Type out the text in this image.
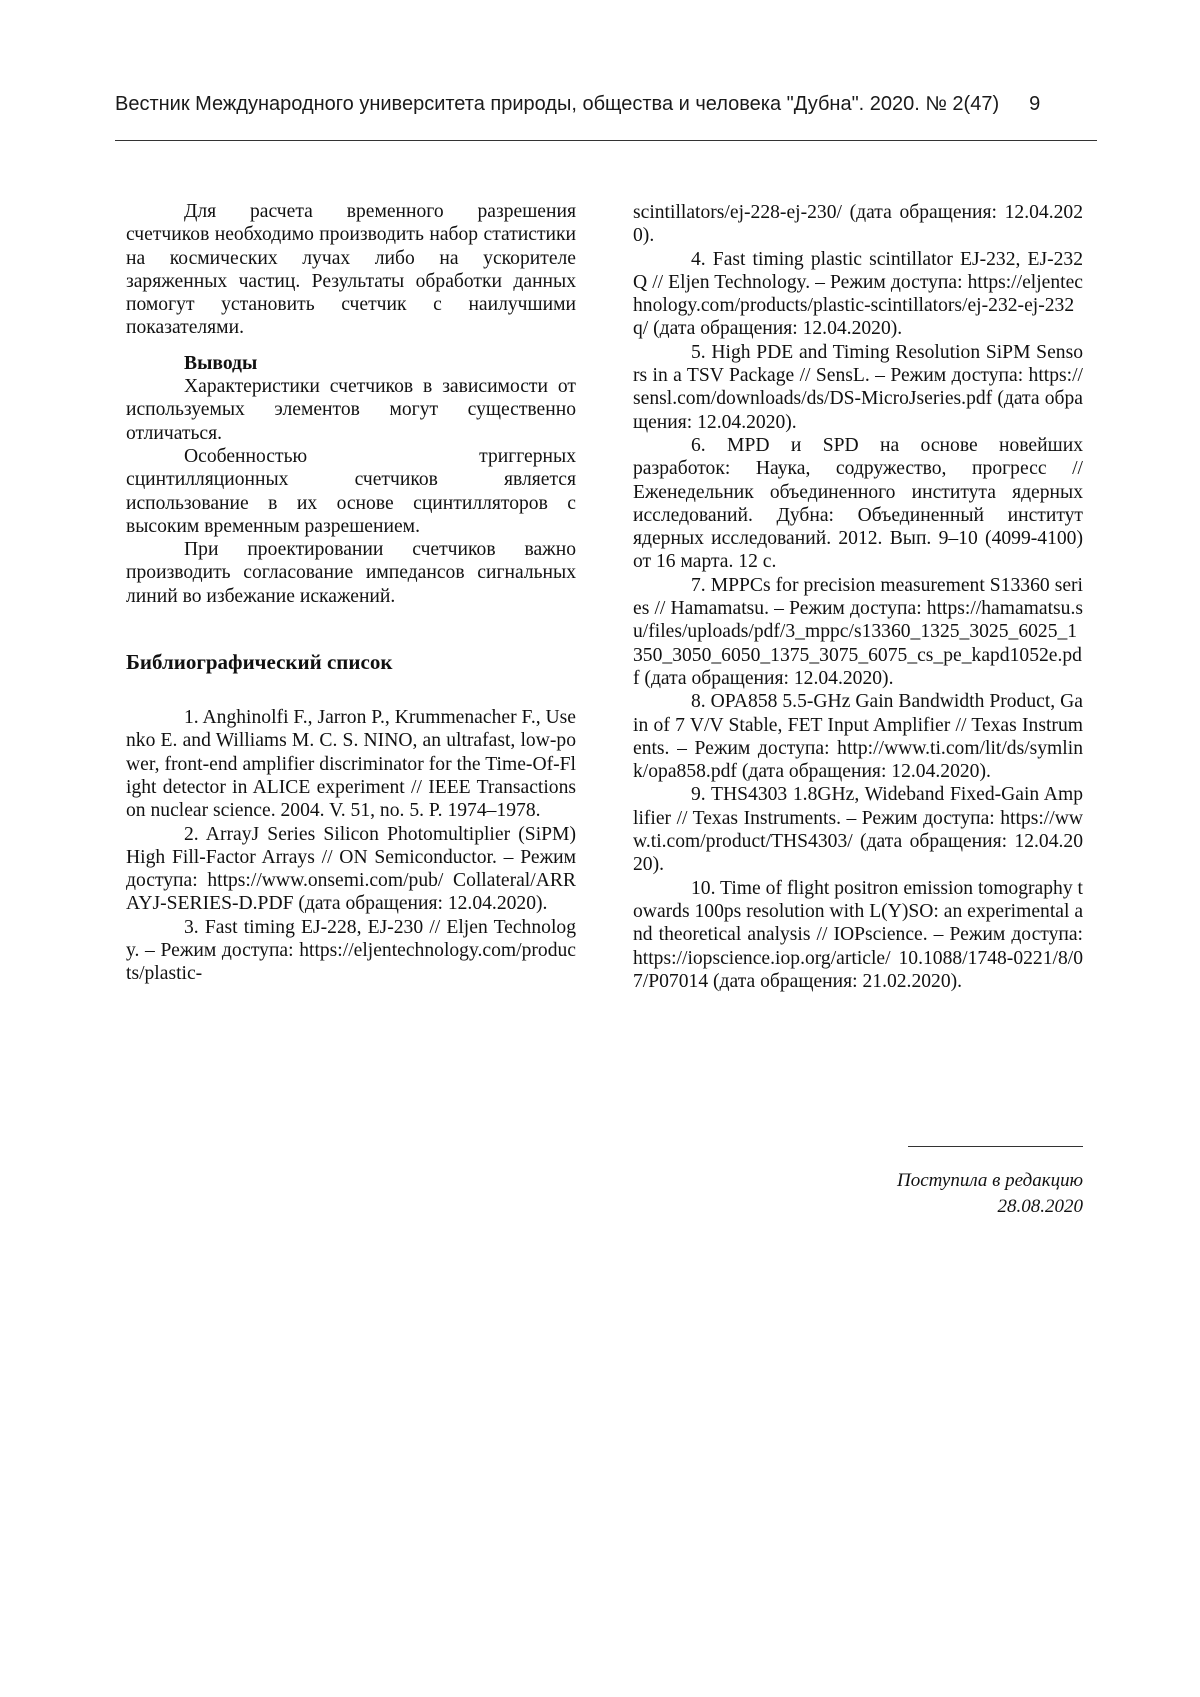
Вестник Международного университета природы, общества и человека "Дубна". 2020. № 2(47) 9

Для расчета временного разрешения счетчиков необходимо производить набор статистики на космических лучах либо на ускорителе заряженных частиц. Результаты обработки данных помогут установить счетчик с наилучшими показателями.

Выводы

Характеристики счетчиков в зависимости от используемых элементов могут существенно отличаться.

Особенностью триггерных сцинтилляционных счетчиков является использование в их основе сцинтилляторов с высоким временным разрешением.

При проектировании счетчиков важно производить согласование импедансов сигнальных линий во избежание искажений.

Библиографический список

1. Anghinolfi F., Jarron P., Krummenacher F., Usenko E. and Williams M. C. S. NINO, an ultrafast, low-power, front-end amplifier discriminator for the Time-Of-Flight detector in ALICE experiment // IEEE Transactions on nuclear science. 2004. V. 51, no. 5. P. 1974–1978.

2. ArrayJ Series Silicon Photomultiplier (SiPM) High Fill-Factor Arrays // ON Semiconductor. – Режим доступа: https://www.onsemi.com/pub/ Collateral/ARRAYJ-SERIES-D.PDF (дата обращения: 12.04.2020).

3. Fast timing EJ-228, EJ-230 // Eljen Technology. – Режим доступа: https://eljentechnology.com/products/plastic-

scintillators/ej-228-ej-230/ (дата обращения: 12.04.2020).

4. Fast timing plastic scintillator EJ-232, EJ-232Q // Eljen Technology. – Режим доступа: https://eljentechnology.com/products/plastic-scintillators/ej-232-ej-232q/ (дата обращения: 12.04.2020).

5. High PDE and Timing Resolution SiPM Sensors in a TSV Package // SensL. – Режим доступа: https://sensl.com/downloads/ds/DS-MicroJseries.pdf (дата обращения: 12.04.2020).

6. MPD и SPD на основе новейших разработок: Наука, содружество, прогресс // Еженедельник объединенного института ядерных исследований. Дубна: Объединенный институт ядерных исследований. 2012. Вып. 9–10 (4099-4100) от 16 марта. 12 с.

7. MPPCs for precision measurement S13360 series // Hamamatsu. – Режим доступа: https://hamamatsu.su/files/uploads/pdf/3_mppc/s13360_1325_3025_6025_1350_3050_6050_1375_3075_6075_cs_pe_kapd1052e.pdf (дата обращения: 12.04.2020).

8. OPA858 5.5-GHz Gain Bandwidth Product, Gain of 7 V/V Stable, FET Input Amplifier // Texas Instruments. – Режим доступа: http://www.ti.com/lit/ds/symlink/opa858.pdf (дата обращения: 12.04.2020).

9. THS4303 1.8GHz, Wideband Fixed-Gain Amplifier // Texas Instruments. – Режим доступа: https://www.ti.com/product/THS4303/ (дата обращения: 12.04.2020).

10. Time of flight positron emission tomography towards 100ps resolution with L(Y)SO: an experimental and theoretical analysis // IOPscience. – Режим доступа: https://iopscience.iop.org/article/ 10.1088/1748-0221/8/07/P07014 (дата обращения: 21.02.2020).

Поступила в редакцию
28.08.2020
